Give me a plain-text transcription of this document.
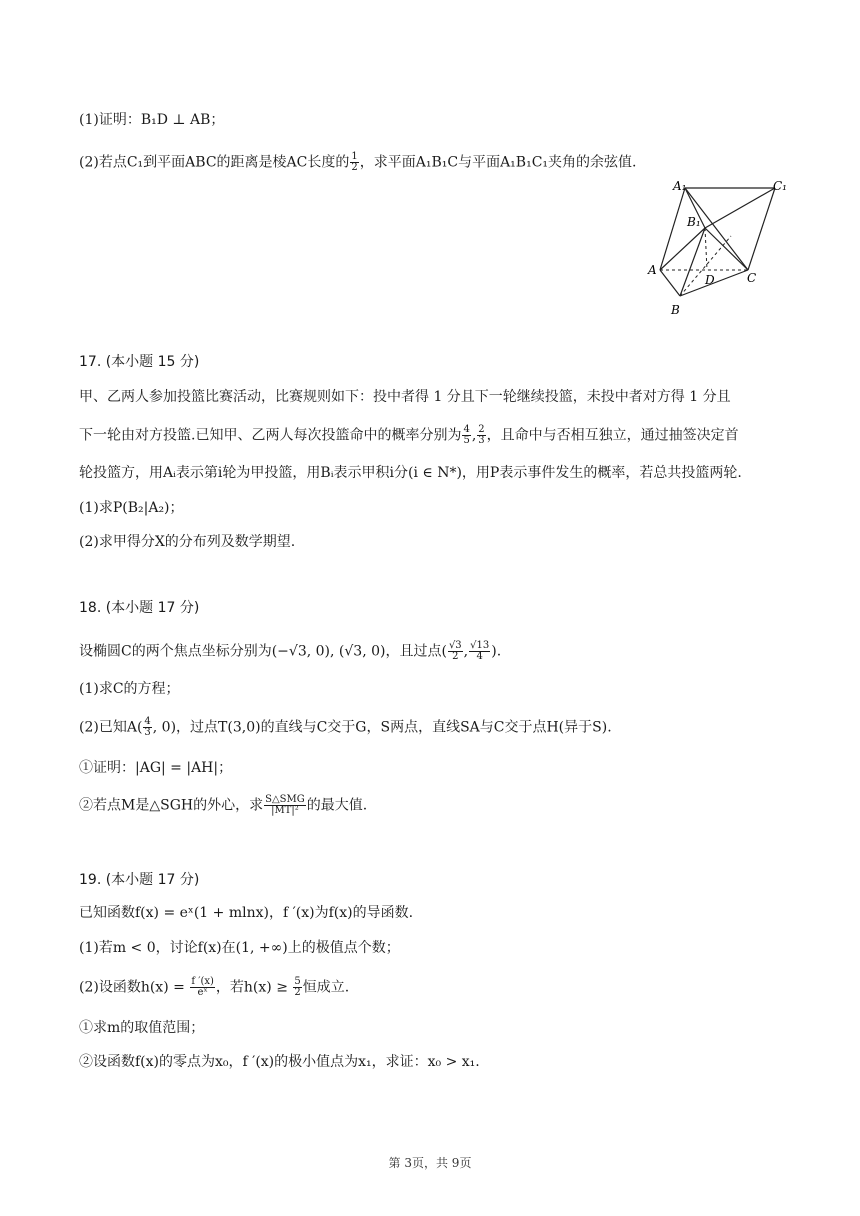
(1)证明：B₁D ⊥ AB；
(2)若点C₁到平面ABC的距离是棱AC长度的 $\frac{1}{2}$ ，求平面A₁B₁C与平面A₁B₁C₁夹角的余弦值.
A₁	C₁
B₁
A
D	C
B
17. (本小题 15 分)
甲、乙两人参加投篮比赛活动，比赛规则如下：投中者得 1 分且下一轮继续投篮，未投中者对方得 1 分且
下一轮由对方投篮.已知甲、乙两人每次投篮命中的概率分别为 $\frac{4}{5}$ , $\frac{2}{3}$ ，且命中与否相互独立，通过抽签决定首
轮投篮方，用Aᵢ表示第i轮为甲投篮，用Bᵢ表示甲积i分(i ∈ N*)，用P表示事件发生的概率，若总共投篮两轮.
(1)求P(B₂|A₂)；
(2)求甲得分X的分布列及数学期望.
18. (本小题 17 分)
设椭圆C的两个焦点坐标分别为(−√3, 0), (√3, 0)，且过点( $\frac{√3}{2}$ , $\frac{√13}{4}$ ).
(1)求C的方程；
(2)已知$A( \frac{4}{3}$ , 0)，过点T(3,0)的直线与C交于G，S两点，直线SA与C交于点H(异于S).
①证明：|AG| = |AH|；
②若点M是△SGH的外心，求 $\frac{\text{S△SMG}}{\text{|MT|²}}$ 的最大值.
19. (本小题 17 分)
已知函数f(x) = eˣ(1 + mlnx)，f ′(x)为f(x)的导函数.
(1)若m < 0，讨论f(x)在(1, +∞)上的极值点个数；
(2)设函数$h(x) = \frac{f '(x)}{\text{eˣ}}$ ，若$h(x) \ge \frac{5}{2}$ 恒成立.
①求m的取值范围；
②设函数f(x)的零点为x₀，f ′(x)的极小值点为x₁，求证：x₀ > x₁.
第 3页，共 9页
